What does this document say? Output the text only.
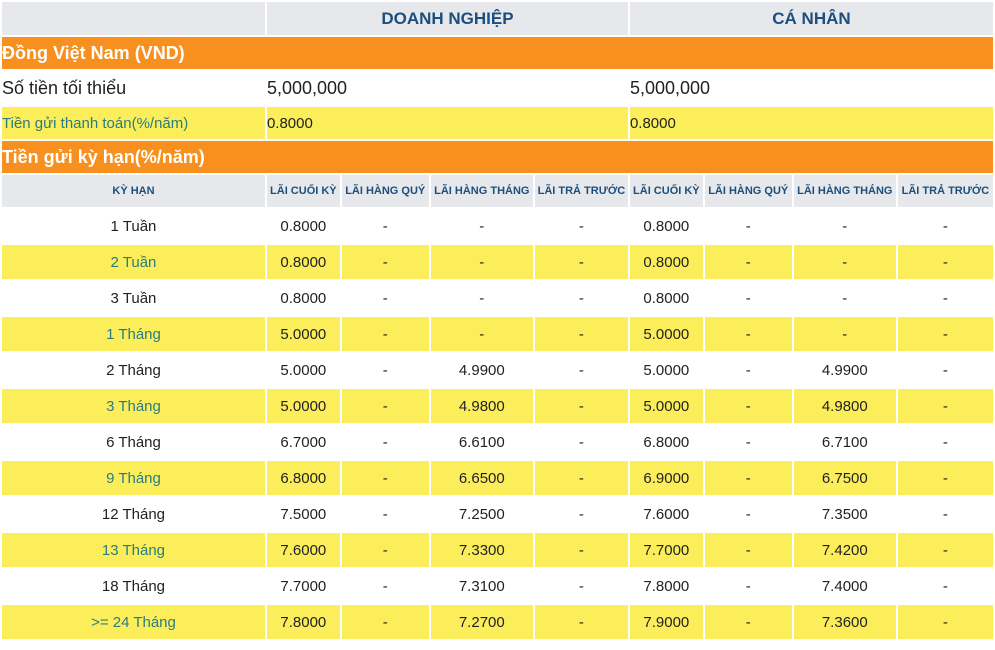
	DOANH NGHIỆP				CÁ NHÂN			
Đồng Việt Nam (VND)								
Số tiền tối thiểu	5,000,000				5,000,000			
Tiền gửi thanh toán(%/năm)	0.8000				0.8000			
Tiền gửi kỳ hạn(%/năm)								
KỲ HẠN	LÃI CUỐI KỲ	LÃI HÀNG QUÝ	LÃI HÀNG THÁNG	LÃI TRẢ TRƯỚC	LÃI CUỐI KỲ	LÃI HÀNG QUÝ	LÃI HÀNG THÁNG	LÃI TRẢ TRƯỚC
1 Tuần	0.8000	-	-	-	0.8000	-	-	-
2 Tuần	0.8000	-	-	-	0.8000	-	-	-
3 Tuần	0.8000	-	-	-	0.8000	-	-	-
1 Tháng	5.0000	-	-	-	5.0000	-	-	-
2 Tháng	5.0000	-	4.9900	-	5.0000	-	4.9900	-
3 Tháng	5.0000	-	4.9800	-	5.0000	-	4.9800	-
6 Tháng	6.7000	-	6.6100	-	6.8000	-	6.7100	-
9 Tháng	6.8000	-	6.6500	-	6.9000	-	6.7500	-
12 Tháng	7.5000	-	7.2500	-	7.6000	-	7.3500	-
13 Tháng	7.6000	-	7.3300	-	7.7000	-	7.4200	-
18 Tháng	7.7000	-	7.3100	-	7.8000	-	7.4000	-
>= 24 Tháng	7.8000	-	7.2700	-	7.9000	-	7.3600	-
